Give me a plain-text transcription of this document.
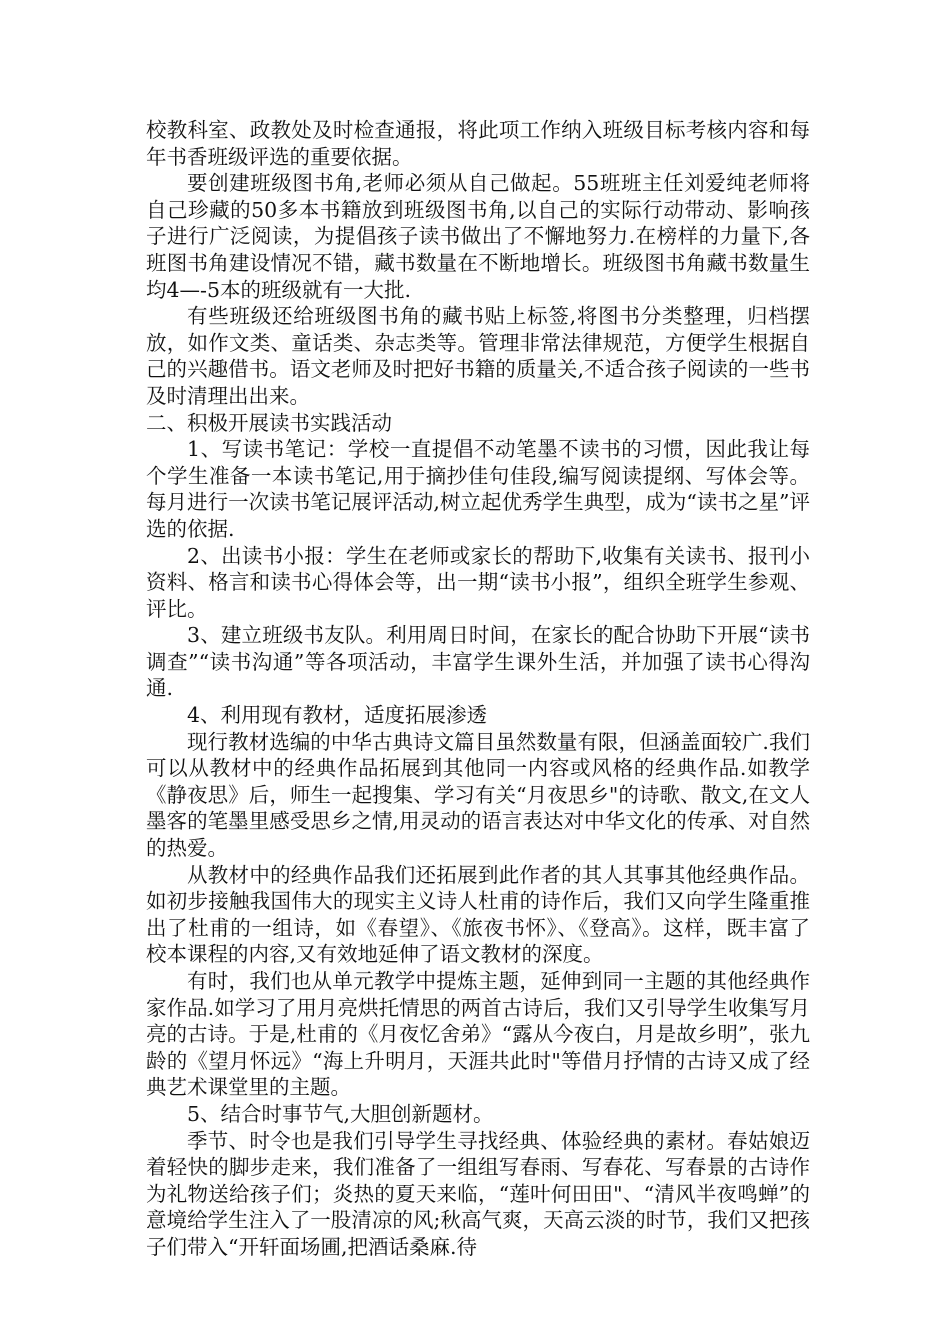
校教科室、政教处及时检查通报，将此项工作纳入班级目标考核内容和每年书香班级评选的重要依据。

要创建班级图书角,老师必须从自己做起。55班班主任刘爱纯老师将自己珍藏的50多本书籍放到班级图书角,以自己的实际行动带动、影响孩子进行广泛阅读，为提倡孩子读书做出了不懈地努力.在榜样的力量下,各班图书角建设情况不错，藏书数量在不断地增长。班级图书角藏书数量生均4—-5本的班级就有一大批.

有些班级还给班级图书角的藏书贴上标签,将图书分类整理，归档摆放，如作文类、童话类、杂志类等。管理非常法律规范，方便学生根据自己的兴趣借书。语文老师及时把好书籍的质量关,不适合孩子阅读的一些书及时清理出出来。

二、积极开展读书实践活动

1、写读书笔记：学校一直提倡不动笔墨不读书的习惯，因此我让每个学生准备一本读书笔记,用于摘抄佳句佳段,编写阅读提纲、写体会等。每月进行一次读书笔记展评活动,树立起优秀学生典型，成为“读书之星”评选的依据.

2、出读书小报：学生在老师或家长的帮助下,收集有关读书、报刊小资料、格言和读书心得体会等，出一期“读书小报”，组织全班学生参观、评比。

3、建立班级书友队。利用周日时间，在家长的配合协助下开展“读书调查”“读书沟通”等各项活动，丰富学生课外生活，并加强了读书心得沟通.

4、利用现有教材，适度拓展渗透

现行教材选编的中华古典诗文篇目虽然数量有限，但涵盖面较广.我们可以从教材中的经典作品拓展到其他同一内容或风格的经典作品.如教学《静夜思》后，师生一起搜集、学习有关“月夜思乡"的诗歌、散文,在文人墨客的笔墨里感受思乡之情,用灵动的语言表达对中华文化的传承、对自然的热爱。

从教材中的经典作品我们还拓展到此作者的其人其事其他经典作品。如初步接触我国伟大的现实主义诗人杜甫的诗作后，我们又向学生隆重推出了杜甫的一组诗，如《春望》、《旅夜书怀》、《登高》。这样，既丰富了校本课程的内容,又有效地延伸了语文教材的深度。

有时，我们也从单元教学中提炼主题，延伸到同一主题的其他经典作家作品.如学习了用月亮烘托情思的两首古诗后，我们又引导学生收集写月亮的古诗。于是,杜甫的《月夜忆舍弟》“露从今夜白，月是故乡明”，张九龄的《望月怀远》“海上升明月，天涯共此时"等借月抒情的古诗又成了经典艺术课堂里的主题。

5、结合时事节气,大胆创新题材。

季节、时令也是我们引导学生寻找经典、体验经典的素材。春姑娘迈着轻快的脚步走来，我们准备了一组组写春雨、写春花、写春景的古诗作为礼物送给孩子们；炎热的夏天来临，“莲叶何田田"、“清风半夜鸣蝉”的意境给学生注入了一股清凉的风;秋高气爽，天高云淡的时节，我们又把孩子们带入“开轩面场圃,把酒话桑麻.待
